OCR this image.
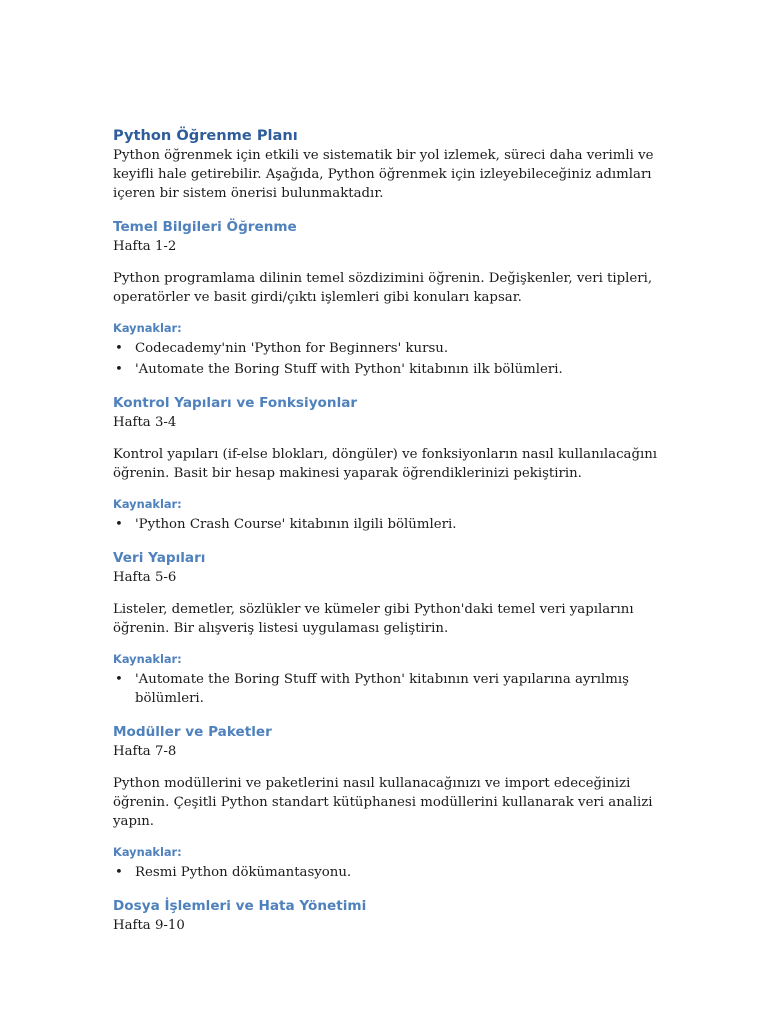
Python Öğrenme Planı

Python öğrenmek için etkili ve sistematik bir yol izlemek, süreci daha verimli ve keyifli hale getirebilir. Aşağıda, Python öğrenmek için izleyebileceğiniz adımları içeren bir sistem önerisi bulunmaktadır.

Temel Bilgileri Öğrenme

Hafta 1-2

Python programlama dilinin temel sözdizimini öğrenin. Değişkenler, veri tipleri, operatörler ve basit girdi/çıktı işlemleri gibi konuları kapsar.

Kaynaklar:

• Codecademy'nin 'Python for Beginners' kursu.
• 'Automate the Boring Stuff with Python' kitabının ilk bölümleri.
Kontrol Yapıları ve Fonksiyonlar

Hafta 3-4

Kontrol yapıları (if-else blokları, döngüler) ve fonksiyonların nasıl kullanılacağını öğrenin. Basit bir hesap makinesi yaparak öğrendiklerinizi pekiştirin.

Kaynaklar:

• 'Python Crash Course' kitabının ilgili bölümleri.
Veri Yapıları

Hafta 5-6

Listeler, demetler, sözlükler ve kümeler gibi Python'daki temel veri yapılarını öğrenin. Bir alışveriş listesi uygulaması geliştirin.

Kaynaklar:

• 'Automate the Boring Stuff with Python' kitabının veri yapılarına ayrılmış bölümleri.
Modüller ve Paketler

Hafta 7-8

Python modüllerini ve paketlerini nasıl kullanacağınızı ve import edeceğinizi öğrenin. Çeşitli Python standart kütüphanesi modüllerini kullanarak veri analizi yapın.

Kaynaklar:

• Resmi Python dökümantasyonu.
Dosya İşlemleri ve Hata Yönetimi

Hafta 9-10
